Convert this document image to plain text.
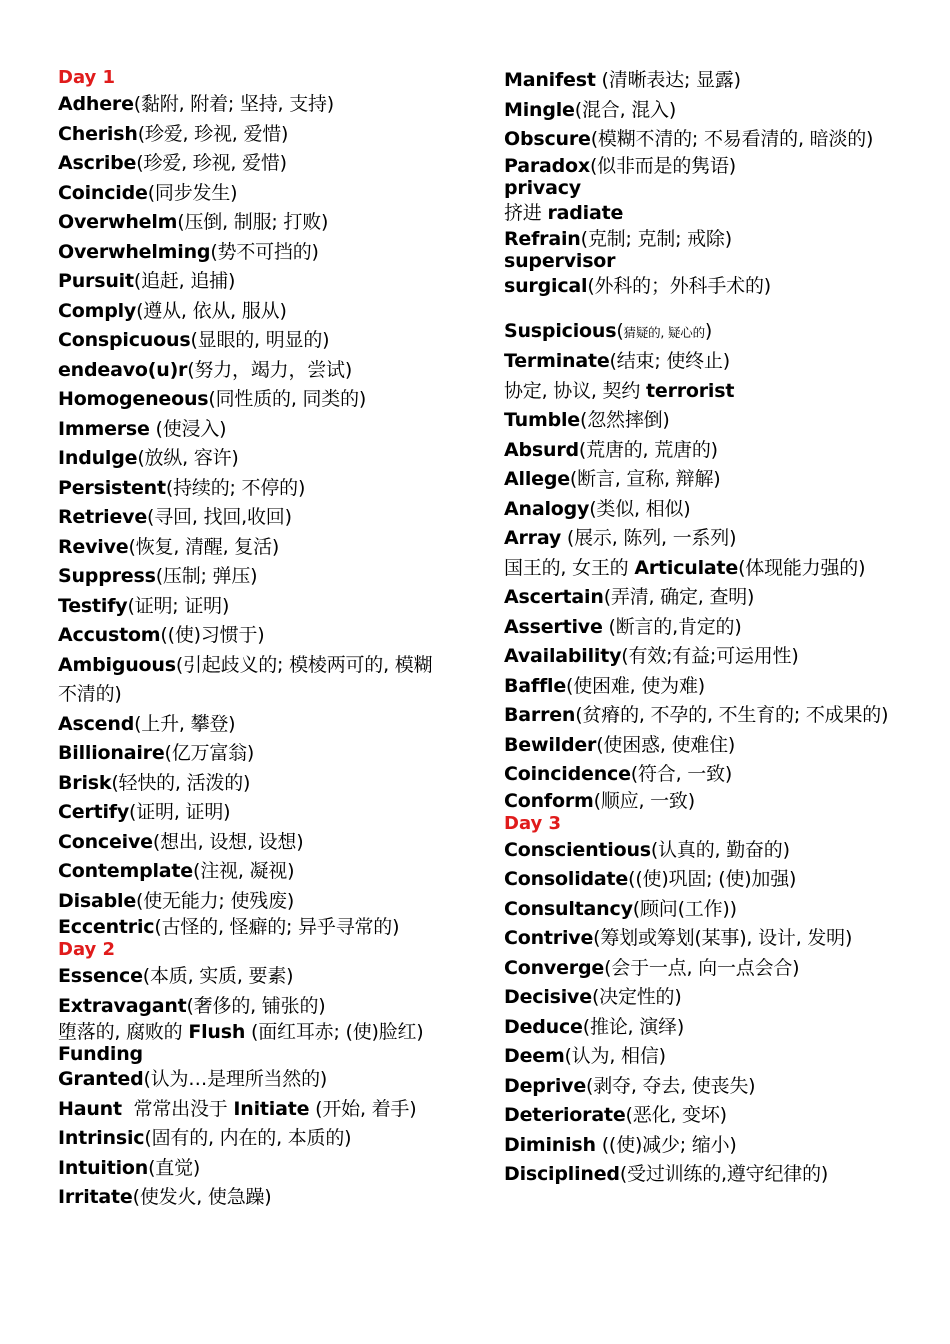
Day 1
Adhere(黏附, 附着; 坚持, 支持)
Cherish(珍爱, 珍视, 爱惜)
Ascribe(珍爱, 珍视, 爱惜)
Coincide(同步发生)
Overwhelm(压倒, 制服; 打败)
Overwhelming(势不可挡的)
Pursuit(追赶, 追捕)
Comply(遵从, 依从, 服从)
Conspicuous(显眼的, 明显的)
endeavo(u)r(努力，竭力，尝试)
Homogeneous(同性质的, 同类的)
Immerse (使浸入)
Indulge(放纵, 容许)
Persistent(持续的; 不停的)
Retrieve(寻回, 找回,收回)
Revive(恢复, 清醒, 复活)
Suppress(压制; 弹压)
Testify(证明; 证明)
Accustom((使)习惯于)
Ambiguous(引起歧义的; 模棱两可的, 模糊不清的)
Ascend(上升, 攀登)
Billionaire(亿万富翁)
Brisk(轻快的, 活泼的)
Certify(证明, 证明)
Conceive(想出, 设想, 设想)
Contemplate(注视, 凝视)
Disable(使无能力; 使残废)
Eccentric(古怪的, 怪癖的; 异乎寻常的)
Day 2
Essence(本质, 实质, 要素)
Extravagant(奢侈的, 铺张的)
堕落的, 腐败的 Flush (面红耳赤; (使)脸红)
Funding
Granted(认为…是理所当然的)
Haunt  常常出没于 Initiate (开始, 着手)
Intrinsic(固有的, 内在的, 本质的)
Intuition(直觉)
Irritate(使发火, 使急躁)
Manifest (清晰表达; 显露)
Mingle(混合, 混入)
Obscure(模糊不清的; 不易看清的, 暗淡的)
Paradox(似非而是的隽语)
privacy
挤进 radiate
Refrain(克制; 克制; 戒除)
supervisor
surgical(外科的；外科手术的)
Suspicious(猜疑的, 疑心的)
Terminate(结束; 使终止)
协定, 协议, 契约 terrorist
Tumble(忽然摔倒)
Absurd(荒唐的, 荒唐的)
Allege(断言, 宣称, 辩解)
Analogy(类似, 相似)
Array (展示, 陈列, 一系列)
国王的, 女王的 Articulate(体现能力强的)
Ascertain(弄清, 确定, 查明)
Assertive (断言的,肯定的)
Availability(有效;有益;可运用性)
Baffle(使困难, 使为难)
Barren(贫瘠的, 不孕的, 不生育的; 不成果的)
Bewilder(使困惑, 使难住)
Coincidence(符合, 一致)
Conform(顺应, 一致)
Day 3
Conscientious(认真的, 勤奋的)
Consolidate((使)巩固; (使)加强)
Consultancy(顾问(工作))
Contrive(筹划或筹划(某事), 设计, 发明)
Converge(会于一点, 向一点会合)
Decisive(决定性的)
Deduce(推论, 演绎)
Deem(认为, 相信)
Deprive(剥夺, 夺去, 使丧失)
Deteriorate(恶化, 变坏)
Diminish ((使)减少; 缩小)
Disciplined(受过训练的,遵守纪律的)
